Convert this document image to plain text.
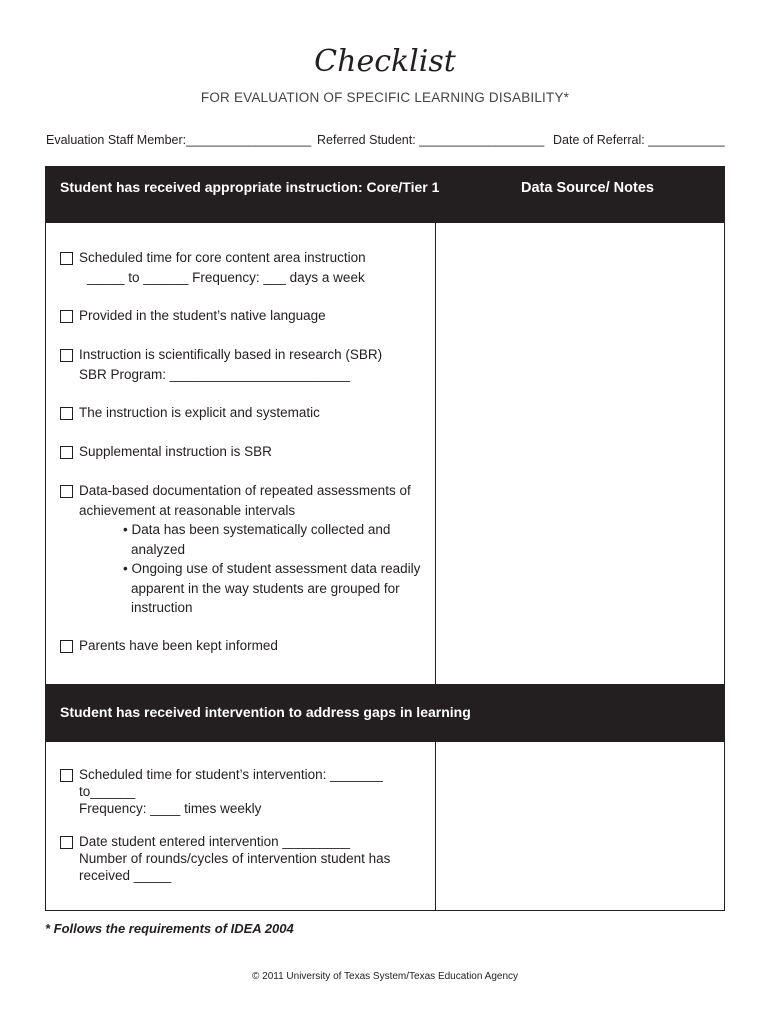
Checklist
FOR EVALUATION OF SPECIFIC LEARNING DISABILITY*
Evaluation Staff Member:__________________ Referred Student: __________________ Date of Referral: ___________
Student has received appropriate instruction: Core/Tier 1	Data Source/ Notes
Scheduled time for core content area instruction
_____ to ______ Frequency: ___ days a week
Provided in the student’s native language
Instruction is scientifically based in research (SBR)
SBR Program: ________________________
The instruction is explicit and systematic
Supplemental instruction is SBR
Data-based documentation of repeated assessments of
achievement at reasonable intervals
• Data has been systematically collected and
analyzed
• Ongoing use of student assessment data readily
apparent in the way students are grouped for
instruction
Parents have been kept informed
Student has received intervention to address gaps in learning
Scheduled time for student’s intervention: _______
to______
Frequency: ____ times weekly
Date student entered intervention _________
Number of rounds/cycles of intervention student has
received _____
* Follows the requirements of IDEA 2004
© 2011 University of Texas System/Texas Education Agency
